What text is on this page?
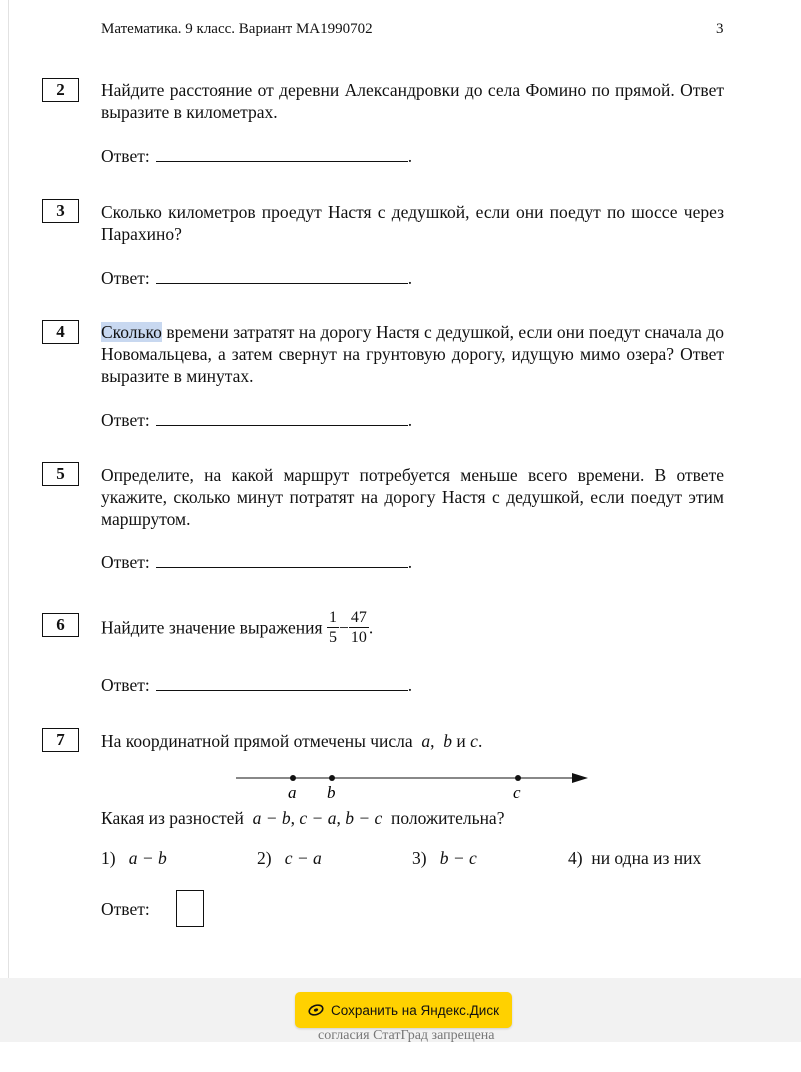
Математика. 9 класс. Вариант МА1990702	3
2	Найдите расстояние от деревни Александровки до села Фомино по прямой. Ответ выразите в километрах.
Ответ:	.
3	Сколько километров проедут Настя с дедушкой, если они поедут по шоссе через Парахино?
Ответ:	.
4	Сколько времени затратят на дорогу Настя с дедушкой, если они поедут сначала до Новомальцева, а затем свернут на грунтовую дорогу, идущую мимо озера? Ответ выразите в минутах.
Ответ:	.
5	Определите, на какой маршрут потребуется меньше всего времени. В ответе укажите, сколько минут потратят на дорогу Настя с дедушкой, если поедут этим маршрутом.
Ответ:	.
6	Найдите значение выражения $\frac{1}{5} - \frac{47}{10}$ .
Ответ:	.
7	На координатной прямой отмечены числа a, b и c.
a b	c
Какая из разностей a − b, c − a, b − c положительна?
1) a − b	2) c − a	3) b − c	4) ни одна из них
Ответ:
согласия СтатГрад запрещена
Сохранить на Яндекс.Диск
